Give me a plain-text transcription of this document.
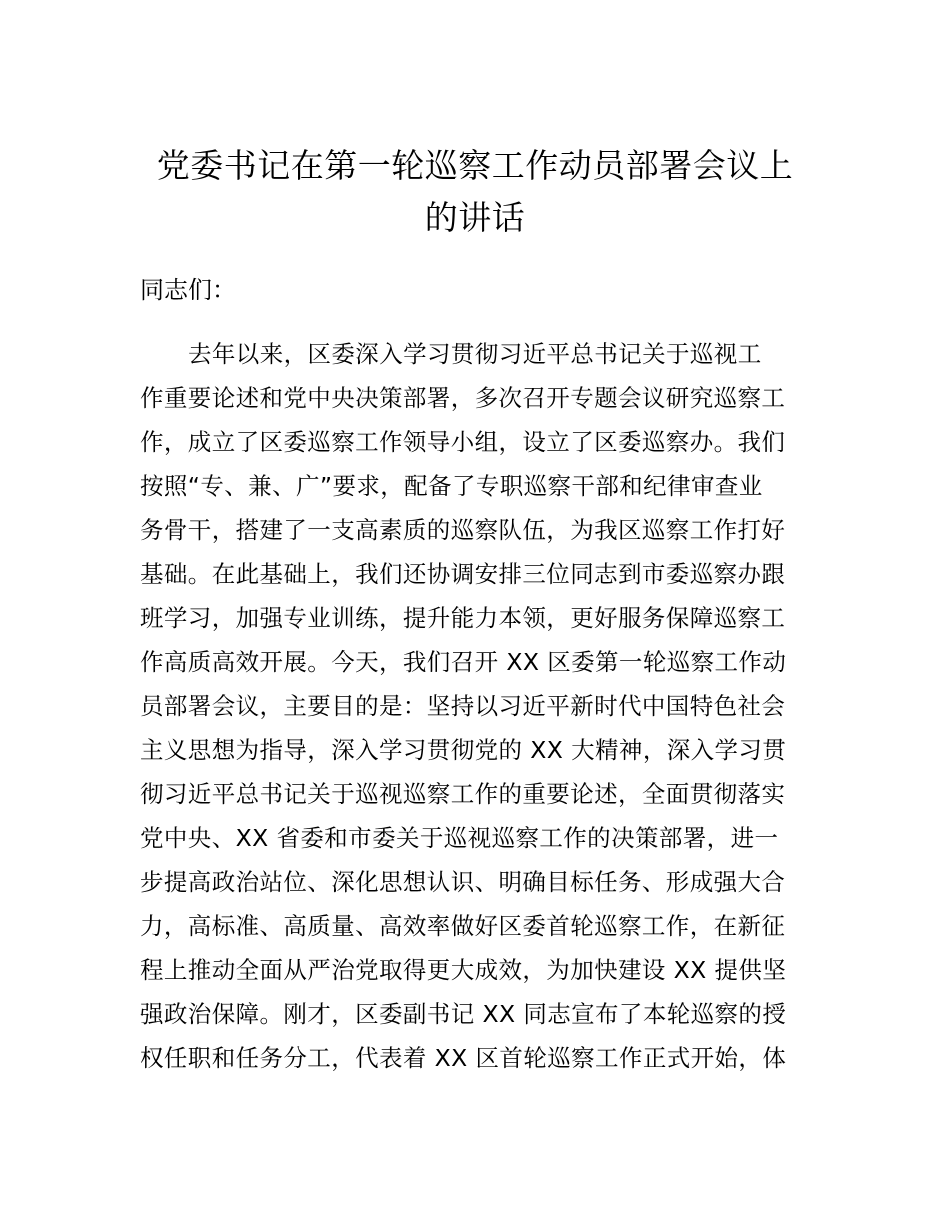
党委书记在第一轮巡察工作动员部署会议上
的讲话

同志们：

去年以来，区委深入学习贯彻习近平总书记关于巡视工
作重要论述和党中央决策部署，多次召开专题会议研究巡察工
作，成立了区委巡察工作领导小组，设立了区委巡察办。我们
按照“专、兼、广”要求，配备了专职巡察干部和纪律审查业
务骨干，搭建了一支高素质的巡察队伍，为我区巡察工作打好
基础。在此基础上，我们还协调安排三位同志到市委巡察办跟
班学习，加强专业训练，提升能力本领，更好服务保障巡察工
作高质高效开展。今天，我们召开 XX 区委第一轮巡察工作动
员部署会议，主要目的是：坚持以习近平新时代中国特色社会
主义思想为指导，深入学习贯彻党的 XX 大精神，深入学习贯
彻习近平总书记关于巡视巡察工作的重要论述，全面贯彻落实
党中央、XX 省委和市委关于巡视巡察工作的决策部署，进一
步提高政治站位、深化思想认识、明确目标任务、形成强大合
力，高标准、高质量、高效率做好区委首轮巡察工作，在新征
程上推动全面从严治党取得更大成效，为加快建设 XX 提供坚
强政治保障。刚才，区委副书记 XX 同志宣布了本轮巡察的授
权任职和任务分工，代表着 XX 区首轮巡察工作正式开始，体
